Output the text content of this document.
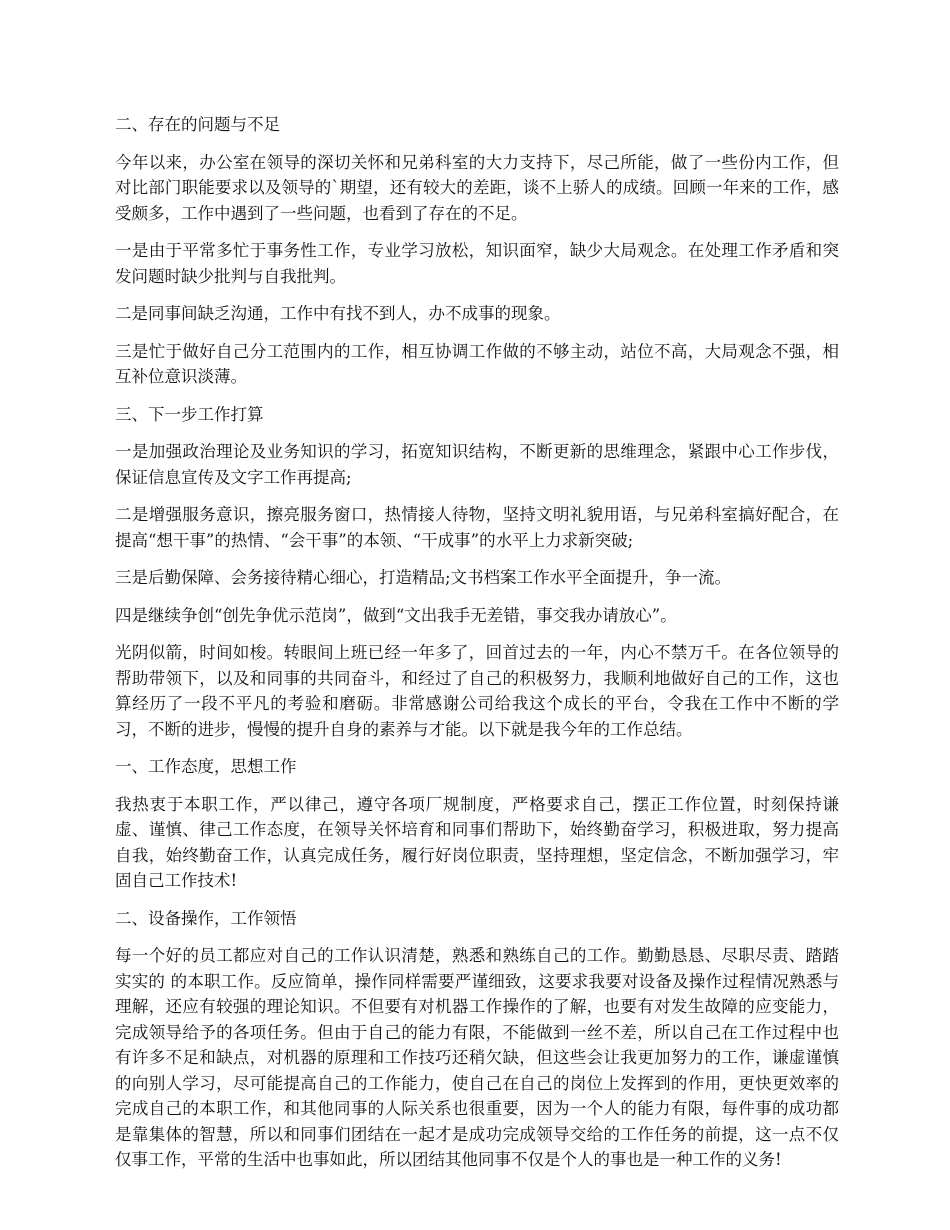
二、存在的问题与不足

今年以来，办公室在领导的深切关怀和兄弟科室的大力支持下，尽己所能，做了一些份内工作，但对比部门职能要求以及领导的`期望，还有较大的差距，谈不上骄人的成绩。回顾一年来的工作，感受颇多，工作中遇到了一些问题，也看到了存在的不足。

一是由于平常多忙于事务性工作，专业学习放松，知识面窄，缺少大局观念。在处理工作矛盾和突发问题时缺少批判与自我批判。

二是同事间缺乏沟通，工作中有找不到人，办不成事的现象。

三是忙于做好自己分工范围内的工作，相互协调工作做的不够主动，站位不高，大局观念不强，相互补位意识淡薄。

三、下一步工作打算

一是加强政治理论及业务知识的学习，拓宽知识结构，不断更新的思维理念，紧跟中心工作步伐，保证信息宣传及文字工作再提高;

二是增强服务意识，擦亮服务窗口，热情接人待物，坚持文明礼貌用语，与兄弟科室搞好配合，在提高“想干事”的热情、“会干事”的本领、“干成事”的水平上力求新突破;

三是后勤保障、会务接待精心细心，打造精品;文书档案工作水平全面提升，争一流。

四是继续争创“创先争优示范岗”，做到“文出我手无差错，事交我办请放心”。

光阴似箭，时间如梭。转眼间上班已经一年多了，回首过去的一年，内心不禁万千。在各位领导的帮助带领下，以及和同事的共同奋斗，和经过了自己的积极努力，我顺利地做好自己的工作，这也算经历了一段不平凡的考验和磨砺。非常感谢公司给我这个成长的平台，令我在工作中不断的学习，不断的进步，慢慢的提升自身的素养与才能。以下就是我今年的工作总结。

一、工作态度，思想工作

我热衷于本职工作，严以律己，遵守各项厂规制度，严格要求自己，摆正工作位置，时刻保持谦虚、谨慎、律己工作态度，在领导关怀培育和同事们帮助下，始终勤奋学习，积极进取，努力提高自我，始终勤奋工作，认真完成任务，履行好岗位职责，坚持理想，坚定信念，不断加强学习，牢固自己工作技术!

二、设备操作，工作领悟

每一个好的员工都应对自己的工作认识清楚，熟悉和熟练自己的工作。勤勤恳恳、尽职尽责、踏踏实实的 的本职工作。反应简单，操作同样需要严谨细致，这要求我要对设备及操作过程情况熟悉与理解，还应有较强的理论知识。不但要有对机器工作操作的了解，也要有对发生故障的应变能力，完成领导给予的各项任务。但由于自己的能力有限，不能做到一丝不差，所以自己在工作过程中也有许多不足和缺点，对机器的原理和工作技巧还稍欠缺，但这些会让我更加努力的工作，谦虚谨慎的向别人学习，尽可能提高自己的工作能力，使自己在自己的岗位上发挥到的作用，更快更效率的完成自己的本职工作，和其他同事的人际关系也很重要，因为一个人的能力有限，每件事的成功都是靠集体的智慧，所以和同事们团结在一起才是成功完成领导交给的工作任务的前提，这一点不仅仅事工作，平常的生活中也事如此，所以团结其他同事不仅是个人的事也是一种工作的义务!
